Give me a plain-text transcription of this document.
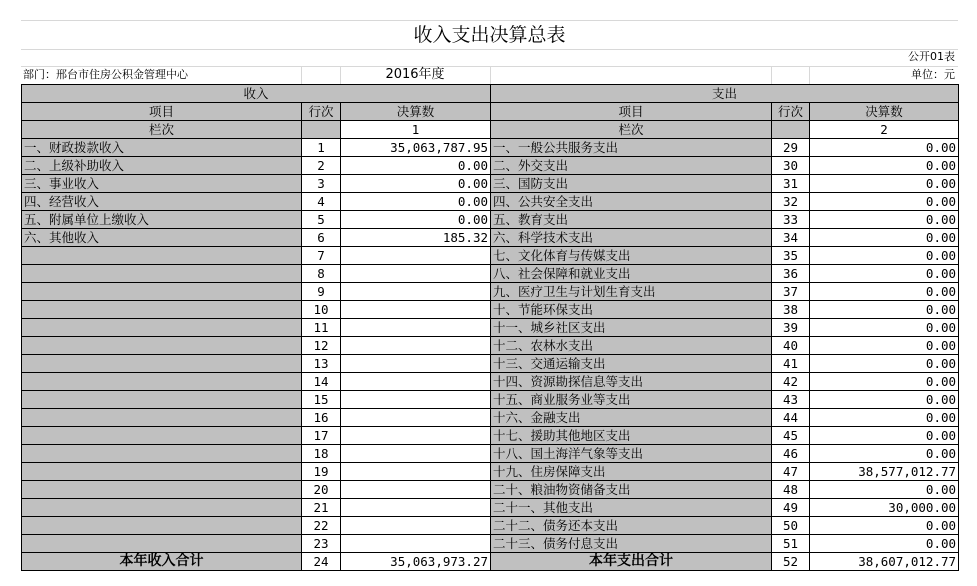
收入支出决算总表
公开01表
部门：邢台市住房公积金管理中心	2016年度	单位：元
收入			支出		
项目	行次	决算数	项目	行次	决算数
栏次		1	栏次		2
一、财政拨款收入	1	35,063,787.95	一、一般公共服务支出	29	0.00
二、上级补助收入	2	0.00	二、外交支出	30	0.00
三、事业收入	3	0.00	三、国防支出	31	0.00
四、经营收入	4	0.00	四、公共安全支出	32	0.00
五、附属单位上缴收入	5	0.00	五、教育支出	33	0.00
六、其他收入	6	185.32	六、科学技术支出	34	0.00
	7		七、文化体育与传媒支出	35	0.00
	8		八、社会保障和就业支出	36	0.00
	9		九、医疗卫生与计划生育支出	37	0.00
	10		十、节能环保支出	38	0.00
	11		十一、城乡社区支出	39	0.00
	12		十二、农林水支出	40	0.00
	13		十三、交通运输支出	41	0.00
	14		十四、资源勘探信息等支出	42	0.00
	15		十五、商业服务业等支出	43	0.00
	16		十六、金融支出	44	0.00
	17		十七、援助其他地区支出	45	0.00
	18		十八、国土海洋气象等支出	46	0.00
	19		十九、住房保障支出	47	38,577,012.77
	20		二十、粮油物资储备支出	48	0.00
	21		二十一、其他支出	49	30,000.00
	22		二十二、债务还本支出	50	0.00
	23		二十三、债务付息支出	51	0.00
本年收入合计	24	35,063,973.27	本年支出合计	52	38,607,012.77
